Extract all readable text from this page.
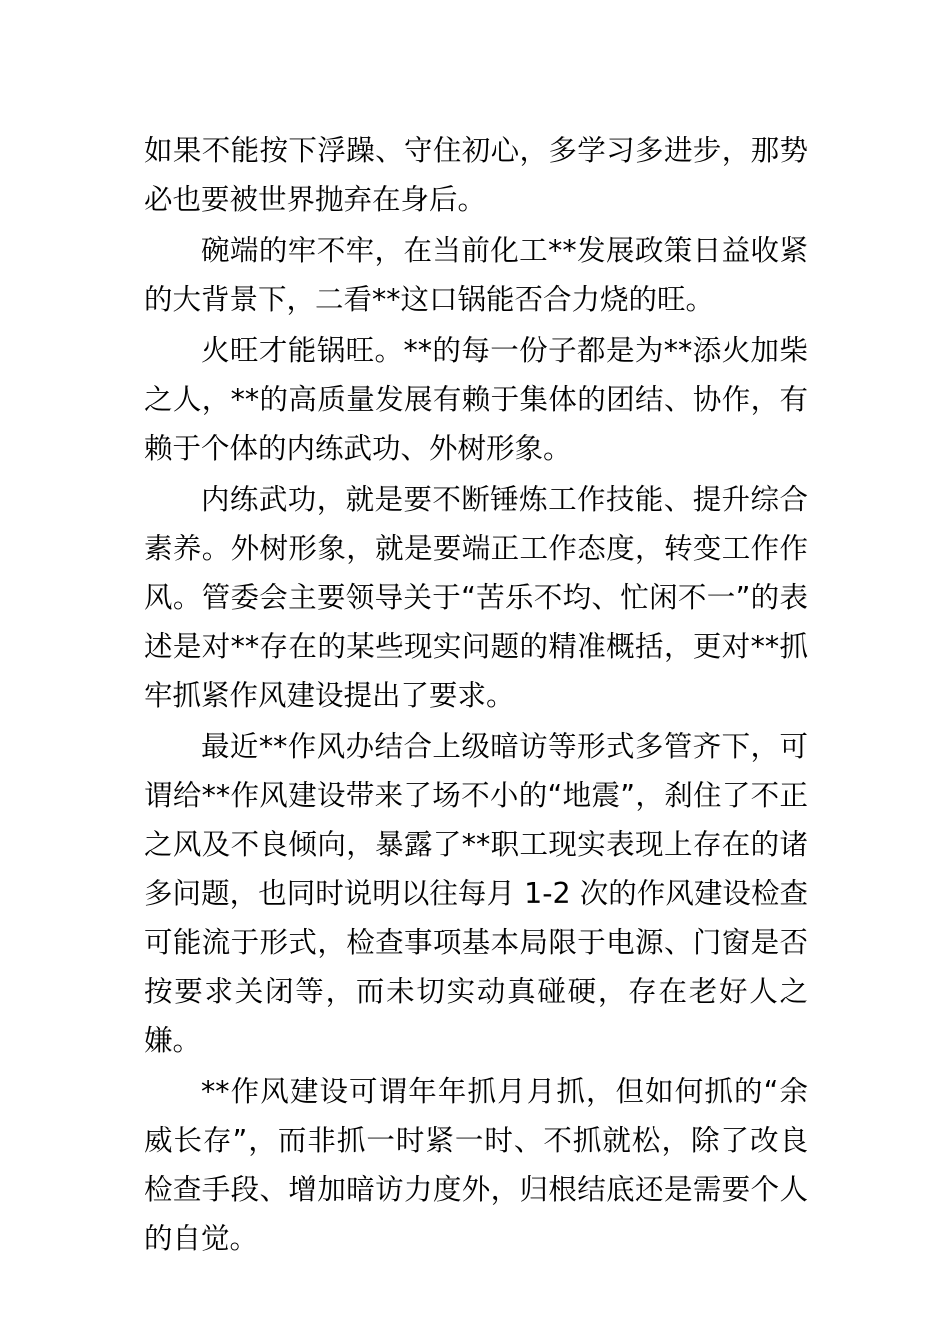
如果不能按下浮躁、守住初心，多学习多进步，那势必也要被世界抛弃在身后。

碗端的牢不牢，在当前化工**发展政策日益收紧的大背景下，二看**这口锅能否合力烧的旺。

火旺才能锅旺。**的每一份子都是为**添火加柴之人，**的高质量发展有赖于集体的团结、协作，有赖于个体的内练武功、外树形象。

内练武功，就是要不断锤炼工作技能、提升综合素养。外树形象，就是要端正工作态度，转变工作作风。管委会主要领导关于“苦乐不均、忙闲不一”的表述是对**存在的某些现实问题的精准概括，更对**抓牢抓紧作风建设提出了要求。

最近**作风办结合上级暗访等形式多管齐下，可谓给**作风建设带来了场不小的“地震”，刹住了不正之风及不良倾向，暴露了**职工现实表现上存在的诸多问题，也同时说明以往每月 1-2 次的作风建设检查可能流于形式，检查事项基本局限于电源、门窗是否按要求关闭等，而未切实动真碰硬，存在老好人之嫌。

**作风建设可谓年年抓月月抓，但如何抓的“余威长存”，而非抓一时紧一时、不抓就松，除了改良检查手段、增加暗访力度外，归根结底还是需要个人的自觉。
